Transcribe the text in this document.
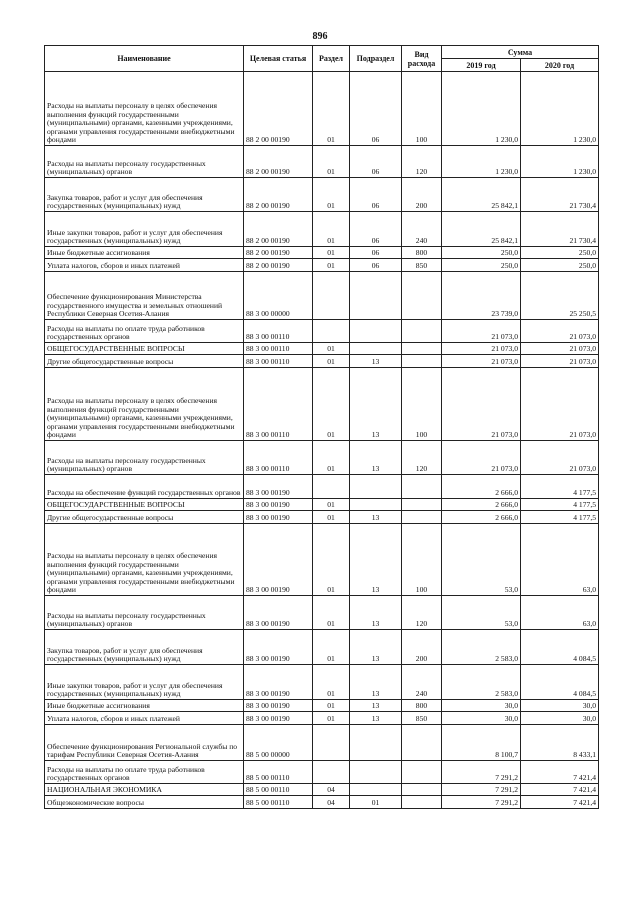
896
Наименование	Целевая статья	Раздел	Подраздел	Вид расхода	Сумма	
					2019 год	2020 год
Расходы на выплаты персоналу в целях обеспечения выполнения функций государственными (муниципальными) органами, казенными учреждениями, органами управления государственными внебюджетными фондами	88 2 00 00190	01	06	100	1 230,0	1 230,0
Расходы на выплаты персоналу государственных (муниципальных) органов	88 2 00 00190	01	06	120	1 230,0	1 230,0
Закупка товаров, работ и услуг для обеспечения государственных (муниципальных) нужд	88 2 00 00190	01	06	200	25 842,1	21 730,4
Иные закупки товаров, работ и услуг для обеспечения государственных (муниципальных) нужд	88 2 00 00190	01	06	240	25 842,1	21 730,4
Иные бюджетные ассигнования	88 2 00 00190	01	06	800	250,0	250,0
Уплата налогов, сборов и иных платежей	88 2 00 00190	01	06	850	250,0	250,0
Обеспечение функционирования Министерства государственного имущества и земельных отношений Республики Северная Осетия-Алания	88 3 00 00000				23 739,0	25 250,5
Расходы на выплаты по оплате труда работников государственных органов	88 3 00 00110				21 073,0	21 073,0
ОБЩЕГОСУДАРСТВЕННЫЕ ВОПРОСЫ	88 3 00 00110	01			21 073,0	21 073,0
Другие общегосударственные вопросы	88 3 00 00110	01	13		21 073,0	21 073,0
Расходы на выплаты персоналу в целях обеспечения выполнения функций государственными (муниципальными) органами, казенными учреждениями, органами управления государственными внебюджетными фондами	88 3 00 00110	01	13	100	21 073,0	21 073,0
Расходы на выплаты персоналу государственных (муниципальных) органов	88 3 00 00110	01	13	120	21 073,0	21 073,0
Расходы на обеспечение функций государственных органов	88 3 00 00190				2 666,0	4 177,5
ОБЩЕГОСУДАРСТВЕННЫЕ ВОПРОСЫ	88 3 00 00190	01			2 666,0	4 177,5
Другие общегосударственные вопросы	88 3 00 00190	01	13		2 666,0	4 177,5
Расходы на выплаты персоналу в целях обеспечения выполнения функций государственными (муниципальными) органами, казенными учреждениями, органами управления государственными внебюджетными фондами	88 3 00 00190	01	13	100	53,0	63,0
Расходы на выплаты персоналу государственных (муниципальных) органов	88 3 00 00190	01	13	120	53,0	63,0
Закупка товаров, работ и услуг для обеспечения государственных (муниципальных) нужд	88 3 00 00190	01	13	200	2 583,0	4 084,5
Иные закупки товаров, работ и услуг для обеспечения государственных (муниципальных) нужд	88 3 00 00190	01	13	240	2 583,0	4 084,5
Иные бюджетные ассигнования	88 3 00 00190	01	13	800	30,0	30,0
Уплата налогов, сборов и иных платежей	88 3 00 00190	01	13	850	30,0	30,0
Обеспечение функционирования Региональной службы по тарифам Республики Северная Осетия-Алания	88 5 00 00000				8 100,7	8 433,1
Расходы на выплаты по оплате труда работников государственных органов	88 5 00 00110				7 291,2	7 421,4
НАЦИОНАЛЬНАЯ ЭКОНОМИКА	88 5 00 00110	04			7 291,2	7 421,4
Общеэкономические вопросы	88 5 00 00110	04	01		7 291,2	7 421,4
